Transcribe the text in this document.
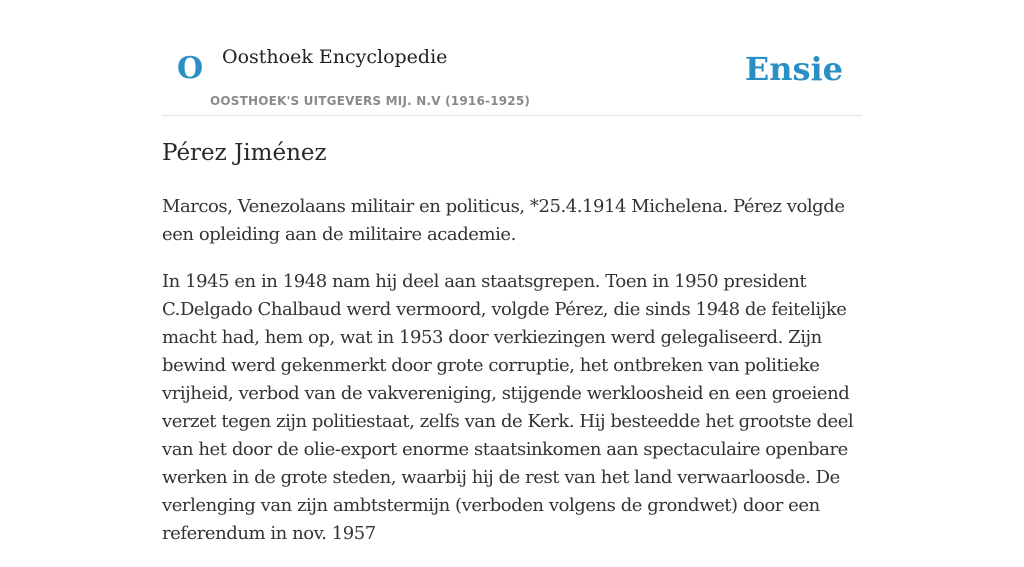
O Oosthoek Encyclopedie
OOSTHOEK'S UITGEVERS MIJ. N.V (1916-1925)
Ensie
Pérez Jiménez

Marcos, Venezolaans militair en politicus, *25.4.1914 Michelena. Pérez volgde een opleiding aan de militaire academie.

In 1945 en in 1948 nam hij deel aan staatsgrepen. Toen in 1950 president C.Delgado Chalbaud werd vermoord, volgde Pérez, die sinds 1948 de feitelijke macht had, hem op, wat in 1953 door verkiezingen werd gelegaliseerd. Zijn bewind werd gekenmerkt door grote corruptie, het ontbreken van politieke vrijheid, verbod van de vakvereniging, stijgende werkloosheid en een groeiend verzet tegen zijn politiestaat, zelfs van de Kerk. Hij besteedde het grootste deel van het door de olie-export enorme staatsinkomen aan spectaculaire openbare werken in de grote steden, waarbij hij de rest van het land verwaarloosde. De verlenging van zijn ambtstermijn (verboden volgens de grondwet) door een referendum in nov. 1957
